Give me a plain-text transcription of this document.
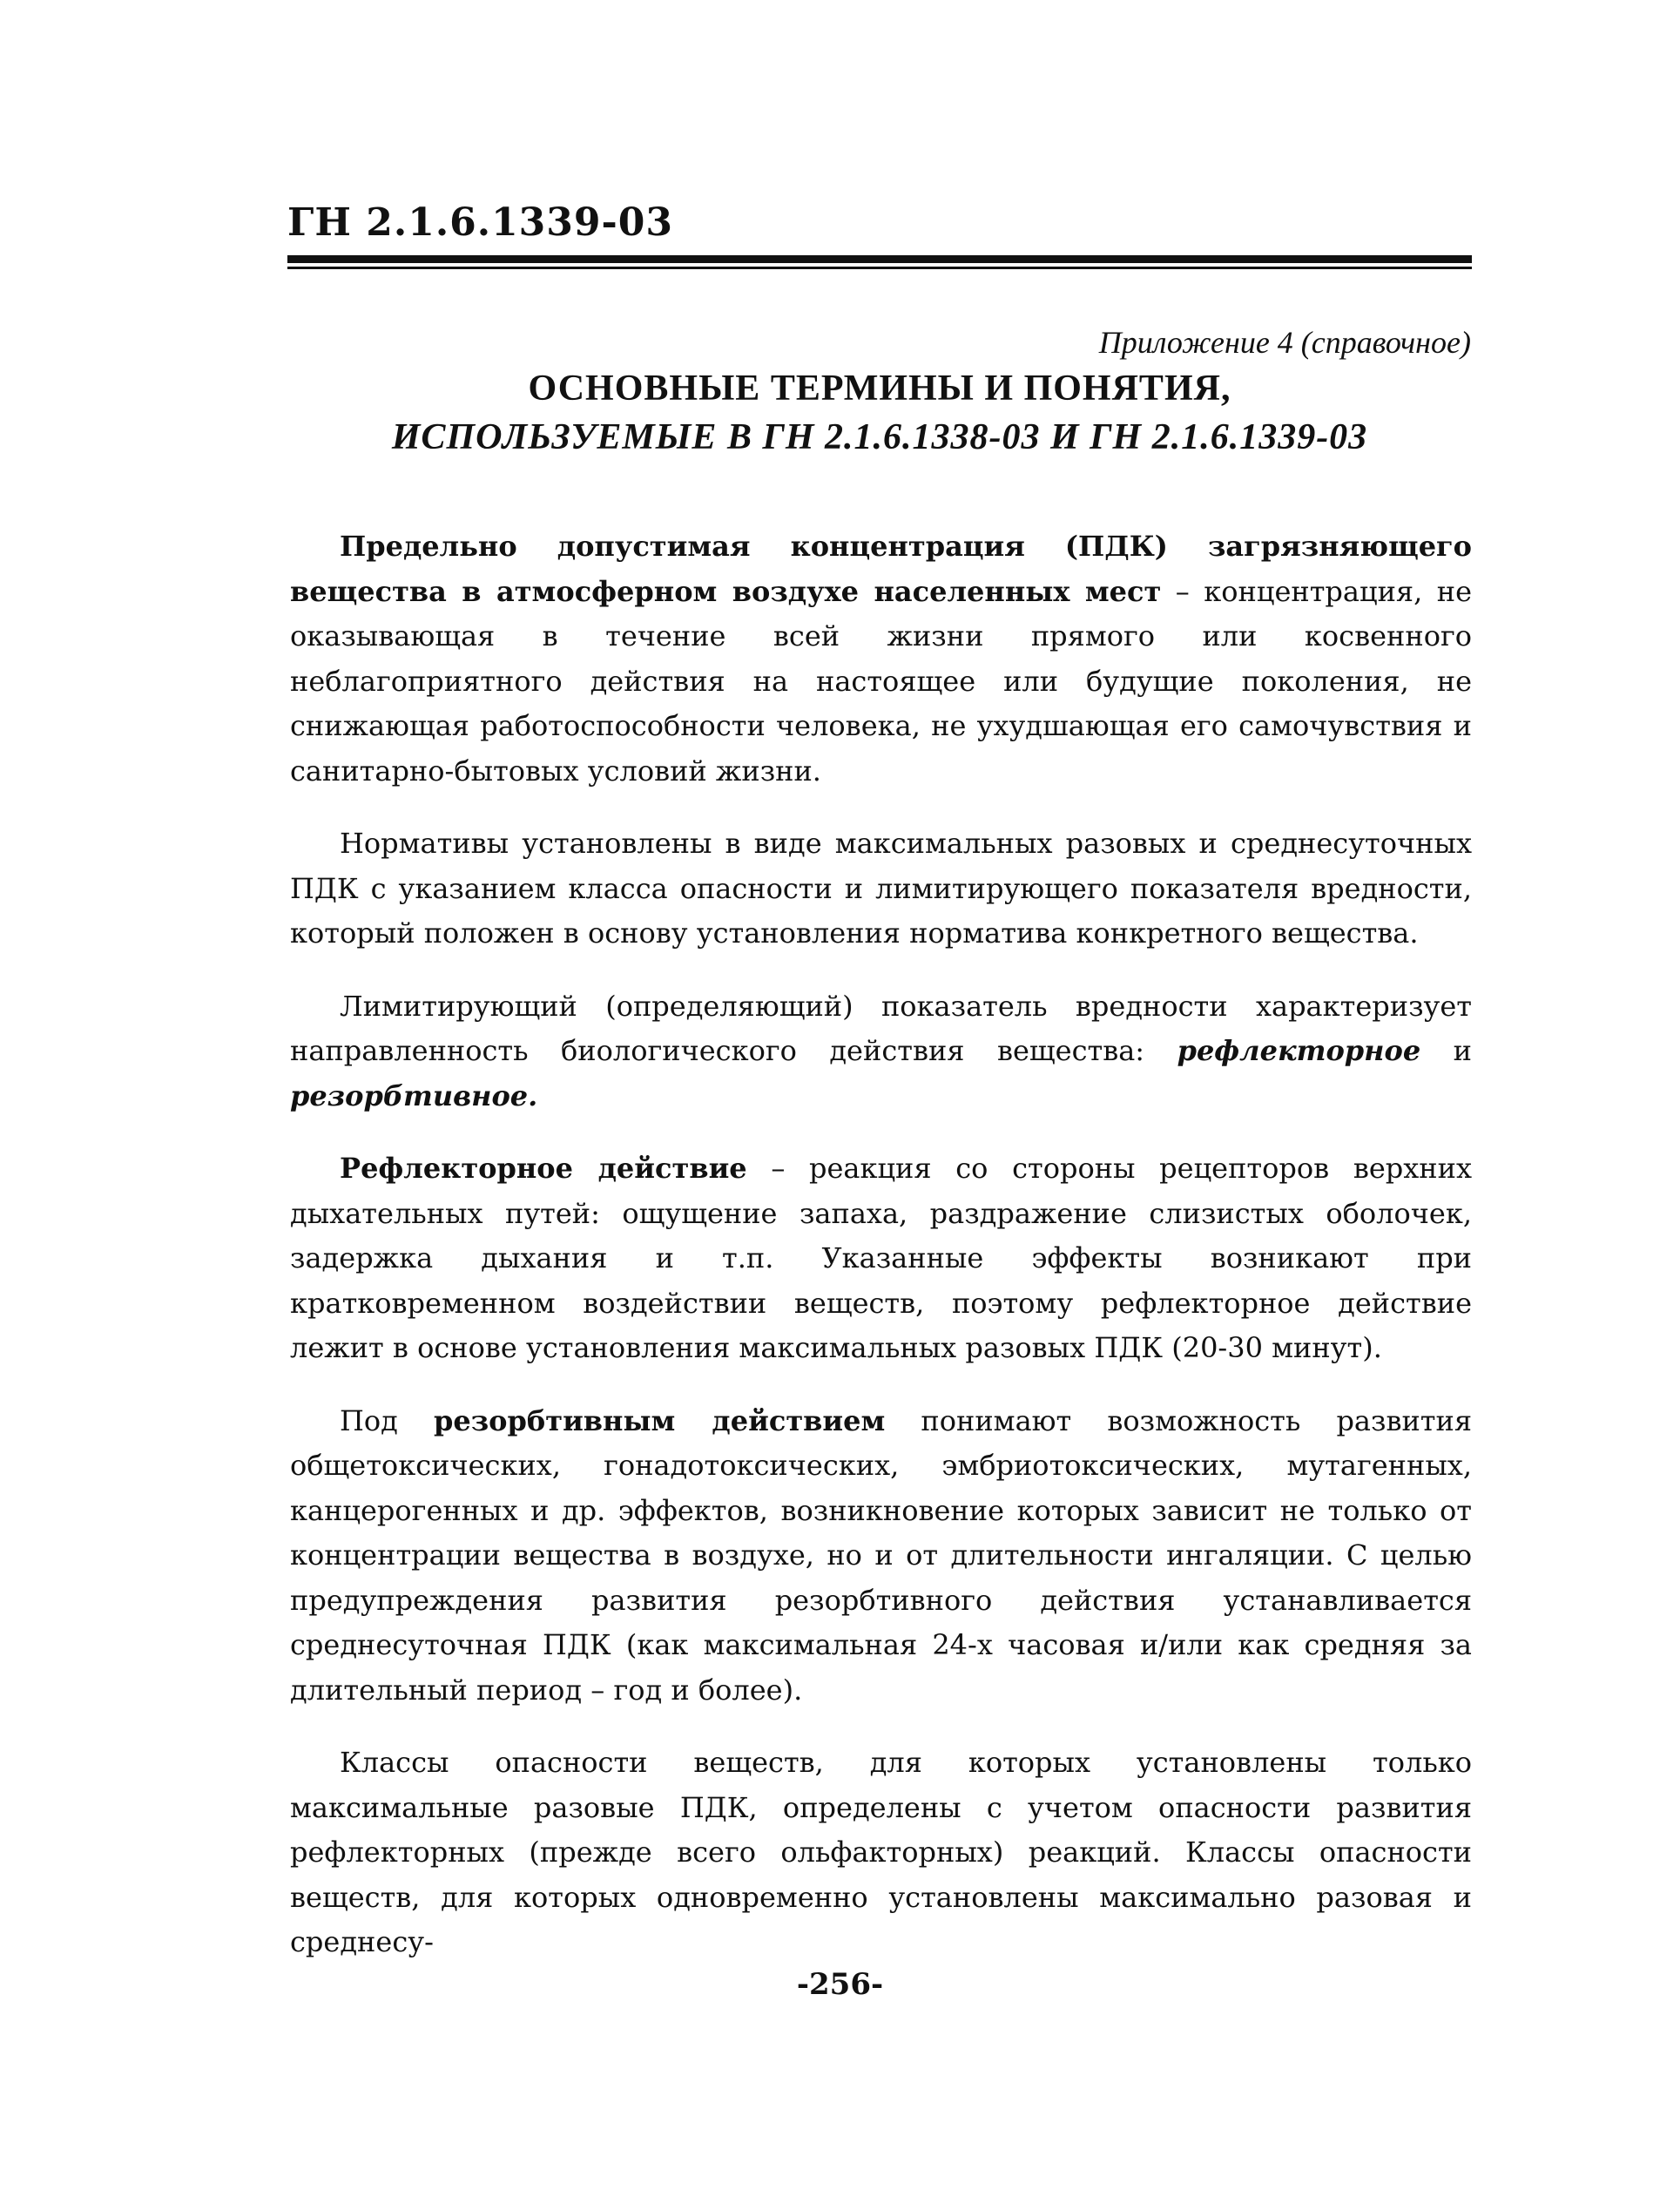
ГН 2.1.6.1339-03
Приложение 4 (справочное)
ОСНОВНЫЕ ТЕРМИНЫ И ПОНЯТИЯ,
ИСПОЛЬЗУЕМЫЕ В ГН 2.1.6.1338-03 И ГН 2.1.6.1339-03

Предельно допустимая концентрация (ПДК) загрязняющего вещества в атмосферном воздухе населенных мест – концентрация, не оказывающая в течение всей жизни прямого или косвенного неблагоприятного действия на настоящее или будущие поколения, не снижающая работоспособности человека, не ухудшающая его самочувствия и санитарно-бытовых условий жизни.

Нормативы установлены в виде максимальных разовых и среднесуточных ПДК с указанием класса опасности и лимитирующего показателя вредности, который положен в основу установления норматива конкретного вещества.

Лимитирующий (определяющий) показатель вредности характеризует направленность биологического действия вещества: рефлекторное и резорбтивное.

Рефлекторное действие – реакция со стороны рецепторов верхних дыхательных путей: ощущение запаха, раздражение слизистых оболочек, задержка дыхания и т.п. Указанные эффекты возникают при кратковременном воздействии веществ, поэтому рефлекторное действие лежит в основе установления максимальных разовых ПДК (20-30 минут).

Под резорбтивным действием понимают возможность развития общетоксических, гонадотоксических, эмбриотоксических, мутагенных, канцерогенных и др. эффектов, возникновение которых зависит не только от концентрации вещества в воздухе, но и от длительности ингаляции. С целью предупреждения развития резорбтивного действия устанавливается среднесуточная ПДК (как максимальная 24-х часовая и/или как средняя за длительный период – год и более).

Классы опасности веществ, для которых установлены только максимальные разовые ПДК, определены с учетом опасности развития рефлекторных (прежде всего ольфакторных) реакций. Классы опасности веществ, для которых одновременно установлены максимально разовая и среднесу-

-256-
